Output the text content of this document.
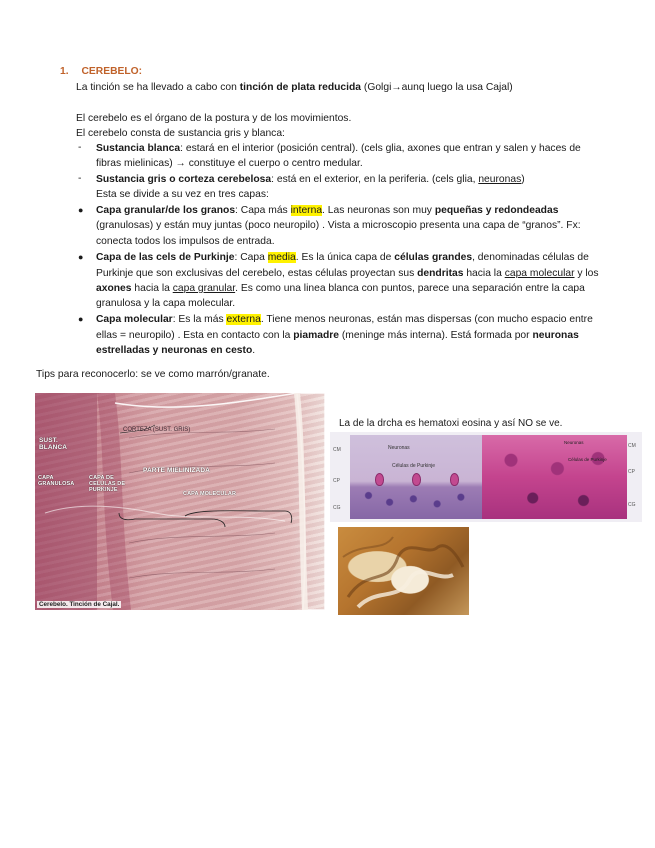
1. CEREBELO:
La tinción se ha llevado a cabo con tinción de plata reducida (Golgi→aunq luego la usa Cajal)
El cerebelo es el órgano de la postura y de los movimientos.
El cerebelo consta de sustancia gris y blanca:
- Sustancia blanca: estará en el interior (posición central). (cels glia, axones que entran y salen y haces de
fibras mielinicas) → constituye el cuerpo o centro medular.
- Sustancia gris o corteza cerebelosa: está en el exterior, en la periferia. (cels glia, neuronas)
Esta se divide a su vez en tres capas:
● Capa granular/de los granos: Capa más interna. Las neuronas son muy pequeñas y redondeadas
(granulosas) y están muy juntas (poco neuropilo) . Vista a microscopio presenta una capa de “granos”. Fx:
conecta todos los impulsos de entrada.
● Capa de las cels de Purkinje: Capa media. Es la única capa de células grandes, denominadas células de
Purkinje que son exclusivas del cerebelo, estas células proyectan sus dendritas hacia la capa molecular y los
axones hacia la capa granular. Es como una linea blanca con puntos, parece una separación entre la capa
granulosa y la capa molecular.
● Capa molecular: Es la más externa. Tiene menos neuronas, están mas dispersas (con mucho espacio entre
ellas = neuropilo) . Esta en contacto con la piamadre (meninge más interna). Está formada por neuronas
estrelladas y neuronas en cesto.
Tips para reconocerlo: se ve como marrón/granate.
CORTEZA (SUST. GRIS)
SUST.
BLANCA
PARTE MIELINIZADA
CAPA
GRANULOSA
CAPA DE
CELULAS DE
PURKINJE
CAPA MOLECULAR
Cerebelo. Tinción de Cajal.
La de la drcha es hematoxi eosina y así NO se ve.
CM
CP
CG
Neuronas
Células de Purkinje
Neuronas
Células de Purkinje
CM
CP
CG
